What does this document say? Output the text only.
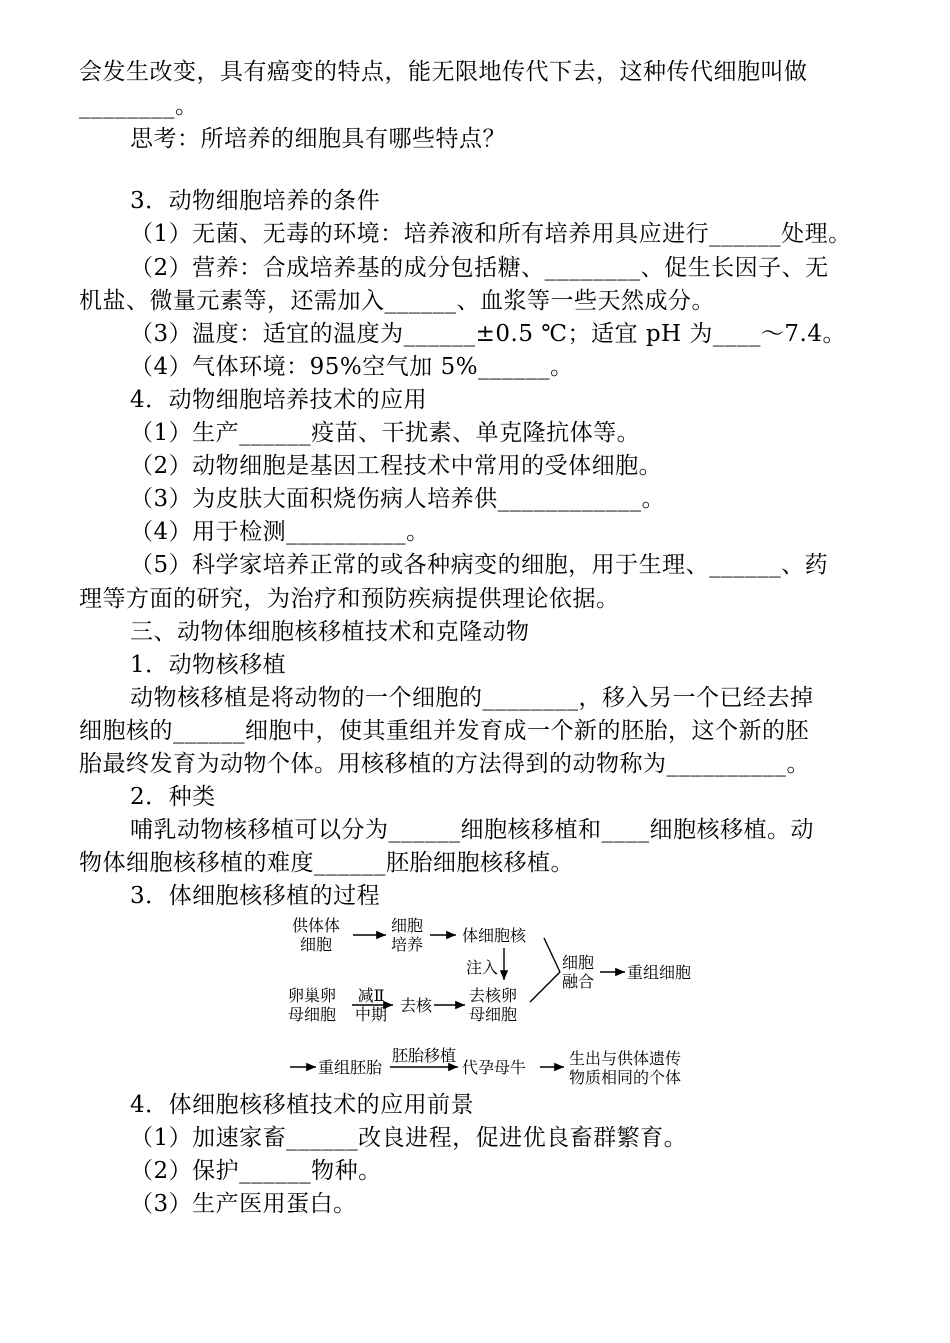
会发生改变，具有癌变的特点，能无限地传代下去，这种传代细胞叫做
________。
思考：所培养的细胞具有哪些特点？
3．动物细胞培养的条件
（1）无菌、无毒的环境：培养液和所有培养用具应进行______处理。
（2）营养：合成培养基的成分包括糖、________、促生长因子、无
机盐、微量元素等，还需加入______、血浆等一些天然成分。
（3）温度：适宜的温度为______±0.5 ℃；适宜 pH 为____～7.4。
（4）气体环境：95%空气加 5%______。
4．动物细胞培养技术的应用
（1）生产______疫苗、干扰素、单克隆抗体等。
（2）动物细胞是基因工程技术中常用的受体细胞。
（3）为皮肤大面积烧伤病人培养供____________。
（4）用于检测__________。
（5）科学家培养正常的或各种病变的细胞，用于生理、______、药
理等方面的研究，为治疗和预防疾病提供理论依据。
三、动物体细胞核移植技术和克隆动物
1．动物核移植
动物核移植是将动物的一个细胞的________，移入另一个已经去掉
细胞核的______细胞中，使其重组并发育成一个新的胚胎，这个新的胚
胎最终发育为动物个体。用核移植的方法得到的动物称为__________。
2．种类
哺乳动物核移植可以分为______细胞核移植和____细胞核移植。动
物体细胞核移植的难度______胚胎细胞核移植。
3．体细胞核移植的过程
供体体
细胞
细胞
培养 体细胞核
注入	细胞
融合 重组细胞
卵巢卵
母细胞
减Ⅱ
中期 去核
去核卵
母细胞
重组胚胎
胚胎移植
代孕母牛	生出与供体遗传
物质相同的个体
4．体细胞核移植技术的应用前景
（1）加速家畜______改良进程，促进优良畜群繁育。
（2）保护______物种。
（3）生产医用蛋白。
